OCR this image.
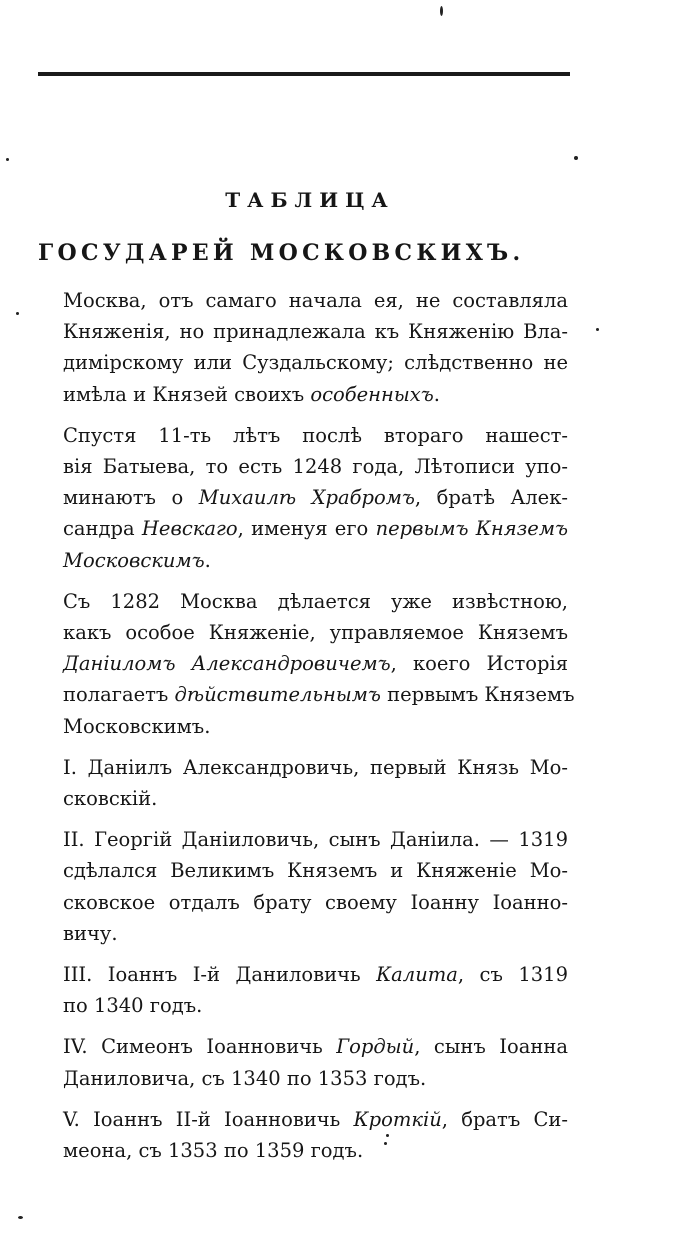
ТАБЛИЦА
ГОСУДАРЕЙ МОСКОВСКИХЪ.
Москва, отъ самаго начала ея, не составляла
Княженія, но принадлежала къ Княженію Вла-
димірскому или Суздальскому; слѣдственно не
имѣла и Князей своихъ особенныхъ.
Спустя 11-ть лѣтъ послѣ втораго нашест-
вія Батыева, то есть 1248 года, Лѣтописи упо-
минаютъ о Михаилѣ Храбромъ, братѣ Алек-
сандра Невскаго, именуя его первымъ Княземъ
Московскимъ.
Съ 1282 Москва дѣлается уже извѣстною,
какъ особое Княженіе, управляемое Княземъ
Даніиломъ Александровичемъ, коего Исторія
полагаетъ дѣйствительнымъ первымъ Княземъ
Московскимъ.
I. Даніилъ Александровичь, первый Князь Мо-
сковскій.
II. Георгій Даніиловичь, сынъ Даніила. — 1319
сдѣлался Великимъ Княземъ и Княженіе Мо-
сковское отдалъ брату своему Іоанну Іоанно-
вичу.
III. Іоаннъ I-й Даниловичь Калита, съ 1319
по 1340 годъ.
IV. Симеонъ Іоанновичь Гордый, сынъ Іоанна
Даниловича, съ 1340 по 1353 годъ.
V. Іоаннъ II-й Іоанновичь Кроткій, братъ Си-
меона, съ 1353 по 1359 годъ.
